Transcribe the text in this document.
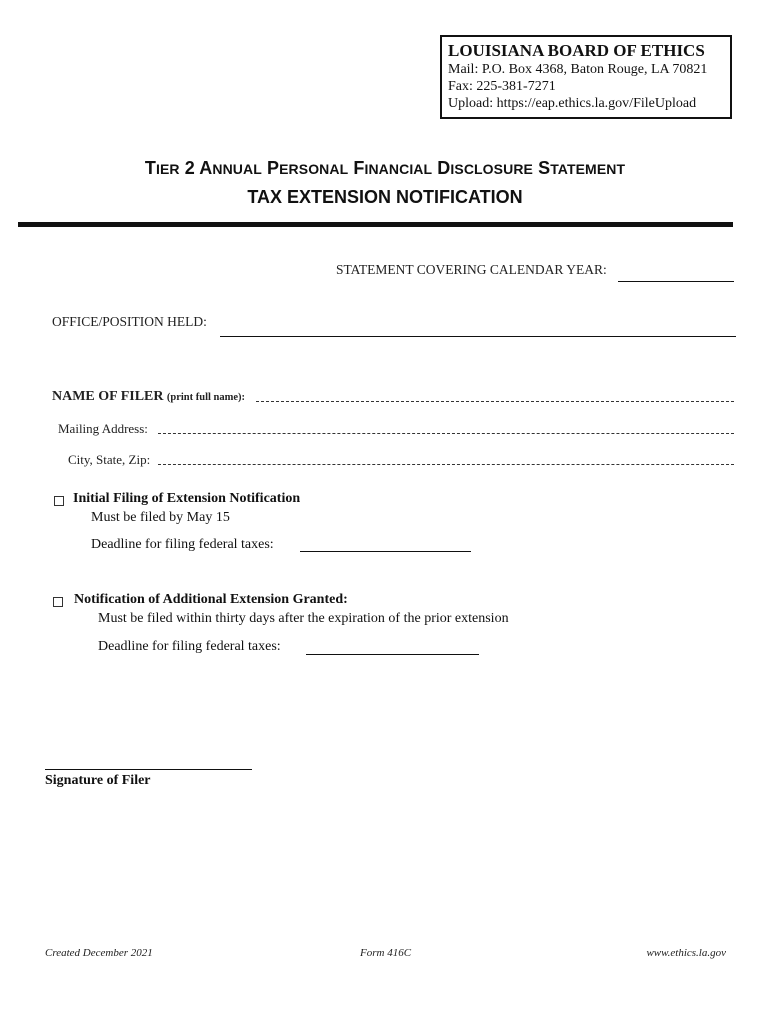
LOUISIANA BOARD OF ETHICS
Mail: P.O. Box 4368, Baton Rouge, LA 70821
Fax: 225-381-7271
Upload: https://eap.ethics.la.gov/FileUpload
TIER 2 ANNUAL PERSONAL FINANCIAL DISCLOSURE STATEMENT
TAX EXTENSION NOTIFICATION
STATEMENT COVERING CALENDAR YEAR:
OFFICE/POSITION HELD:
NAME OF FILER (print full name):
Mailing Address:
City, State, Zip:
Initial Filing of Extension Notification
Must be filed by May 15
Deadline for filing federal taxes:
Notification of Additional Extension Granted:
Must be filed within thirty days after the expiration of the prior extension
Deadline for filing federal taxes:
Signature of Filer
Created December 2021	Form 416C	www.ethics.la.gov
